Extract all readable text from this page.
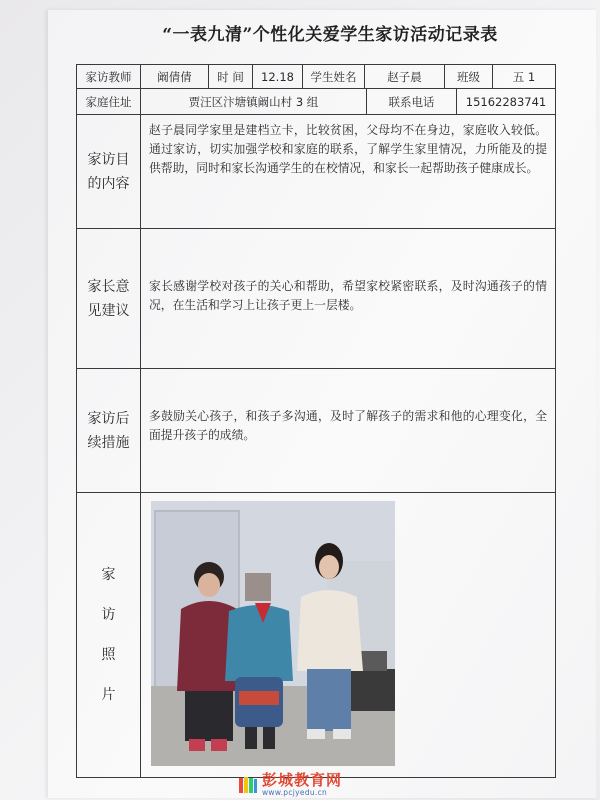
“一表九清”个性化关爱学生家访活动记录表
家访教师	阚倩倩	时 间	12.18	学生姓名	赵子晨	班级	五 1
家庭住址	贾汪区汴塘镇阚山村 3 组	联系电话	15162283741
家访目的内容
赵子晨同学家里是建档立卡，比较贫困，父母均不在身边，家庭收入较低。通过家访，切实加强学校和家庭的联系，了解学生家里情况，力所能及的提供帮助，同时和家长沟通学生的在校情况，和家长一起帮助孩子健康成长。
家长意见建议
家长感谢学校对孩子的关心和帮助，希望家校紧密联系，及时沟通孩子的情况，在生活和学习上让孩子更上一层楼。
家访后续措施
多鼓励关心孩子，和孩子多沟通，及时了解孩子的需求和他的心理变化，全面提升孩子的成绩。
家
访
照
片
彭城教育网
www.pcjyedu.cn
